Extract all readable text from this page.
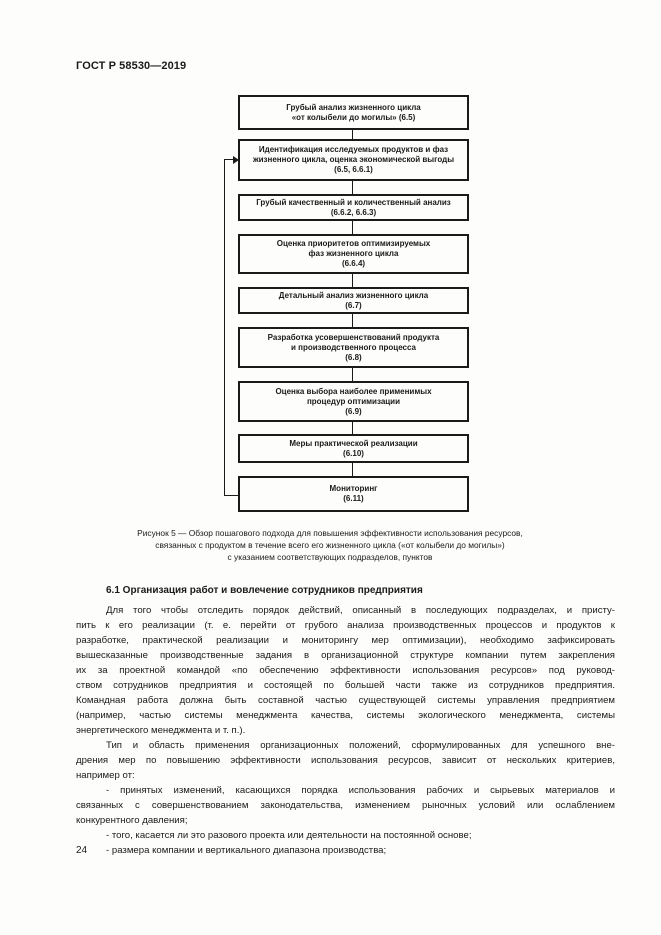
ГОСТ Р 58530—2019
Грубый анализ жизненного цикла
«от колыбели до могилы» (6.5)
Идентификация исследуемых продуктов и фаз
жизненного цикла, оценка экономической выгоды
(6.5, 6.6.1)
Грубый качественный и количественный анализ
(6.6.2, 6.6.3)
Оценка приоритетов оптимизируемых
фаз жизненного цикла
(6.6.4)
Детальный анализ жизненного цикла
(6.7)
Разработка усовершенствований продукта
и производственного процесса
(6.8)
Оценка выбора наиболее применимых
процедур оптимизации
(6.9)
Меры практической реализации
(6.10)
Мониторинг
(6.11)
Рисунок 5 — Обзор пошагового подхода для повышения эффективности использования ресурсов,
связанных с продуктом в течение всего его жизненного цикла («от колыбели до могилы»)
с указанием соответствующих подразделов, пунктов
6.1 Организация работ и вовлечение сотрудников предприятия
Для того чтобы отследить порядок действий, описанный в последующих подразделах, и присту-
пить к его реализации (т. е. перейти от грубого анализа производственных процессов и продуктов к
разработке, практической реализации и мониторингу мер оптимизации), необходимо зафиксировать
вышесказанные производственные задания в организационной структуре компании путем закрепления
их за проектной командой «по обеспечению эффективности использования ресурсов» под руковод-
ством сотрудников предприятия и состоящей по большей части также из сотрудников предприятия.
Командная работа должна быть составной частью существующей системы управления предприятием
(например, частью системы менеджмента качества, системы экологического менеджмента, системы
энергетического менеджмента и т. п.).
Тип и область применения организационных положений, сформулированных для успешного вне-
дрения мер по повышению эффективности использования ресурсов, зависит от нескольких критериев,
например от:
- принятых изменений, касающихся порядка использования рабочих и сырьевых материалов и
связанных с совершенствованием законодательства, изменением рыночных условий или ослаблением
конкурентного давления;
- того, касается ли это разового проекта или деятельности на постоянной основе;
- размера компании и вертикального диапазона производства;
24
